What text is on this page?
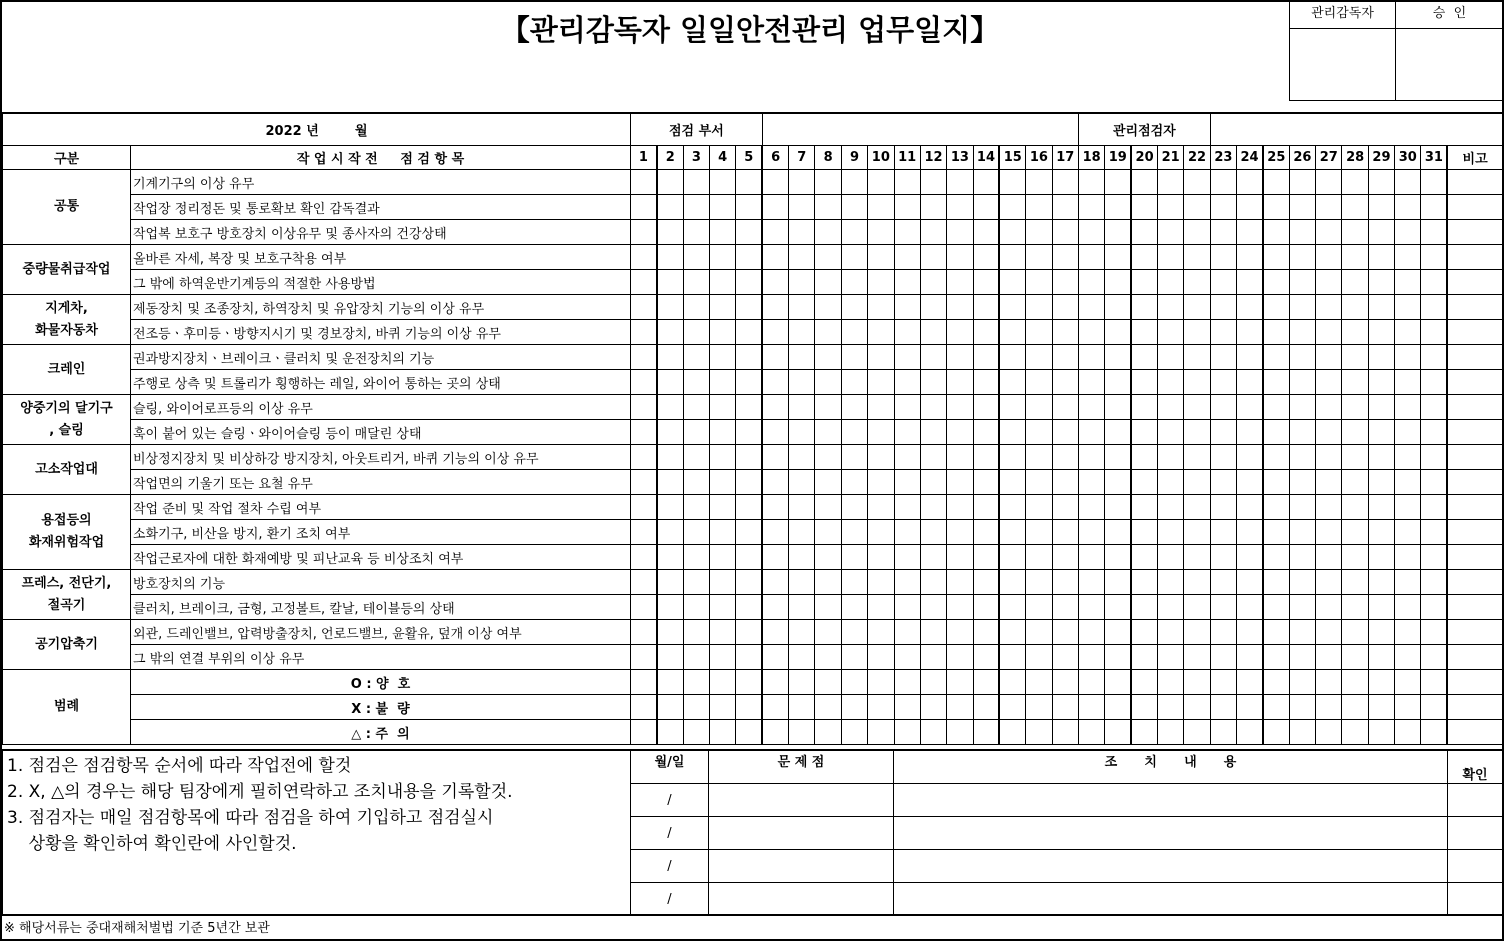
【관리감독자 일일안전관리 업무일지】	관리감독자	승  인
2022 년        월		점검 부서																	관리점검자														
구분	작 업 시 작 전     점 검 항 목	1	2	3	4	5	6	7	8	9	10	11	12	13	14	15	16	17	18	19	20	21	22	23	24	25	26	27	28	29	30	31	비고
공통	기계기구의 이상 유무																																
	작업장 정리정돈 및 통로확보 확인 감독결과																																
	작업복 보호구 방호장치 이상유무 및 종사자의 건강상태																																
중량물취급작업	올바른 자세, 복장 및 보호구착용 여부																																
	그 밖에 하역운반기계등의 적절한 사용방법																																
지게차,
화물자동차	제동장치 및 조종장치, 하역장치 및 유압장치 기능의 이상 유무																																
	전조등ㆍ후미등ㆍ방향지시기 및 경보장치, 바퀴 기능의 이상 유무																																
크레인	권과방지장치ㆍ브레이크ㆍ클러치 및 운전장치의 기능																																
	주행로 상측 및 트롤리가 횡행하는 레일, 와이어 통하는 곳의 상태																																
양중기의 달기구
, 슬링	슬링, 와이어로프등의 이상 유무																																
	훅이 붙어 있는 슬링ㆍ와이어슬링 등이 매달린 상태																																
고소작업대	비상정지장치 및 비상하강 방지장치, 아웃트리거, 바퀴 기능의 이상 유무																																
	작업면의 기울기 또는 요철 유무																																
용접등의
화재위험작업	작업 준비 및 작업 절차 수립 여부																																
	소화기구, 비산을 방지, 환기 조치 여부																																
	작업근로자에 대한 화재예방 및 피난교육 등 비상조치 여부																																
프레스, 전단기,
절곡기	방호장치의 기능																																
	클러치, 브레이크, 금형, 고정볼트, 칼날, 테이블등의 상태																																
공기압축기	외관, 드레인밸브, 압력방출장치, 언로드밸브, 윤활유, 덮개 이상 여부																																
	그 밖의 연결 부위의 이상 유무																																
범례	O : 양  호																																
	X : 불  량																																
	△ : 주  의																																
1. 점검은 점검항목 순서에 따라 작업전에 할것
2. X, △의 경우는 해당 팀장에게 필히연락하고 조치내용을 기록할것.
3. 점검자는 매일 점검항목에 따라 점검을 하여 기입하고 점검실시
상황을 확인하여 확인란에 사인할것.	월/일	문 제 점	조      치      내      용	확인
	/			
	/			
	/			
	/			
※ 해당서류는 중대재해처벌법 기준 5년간 보관
